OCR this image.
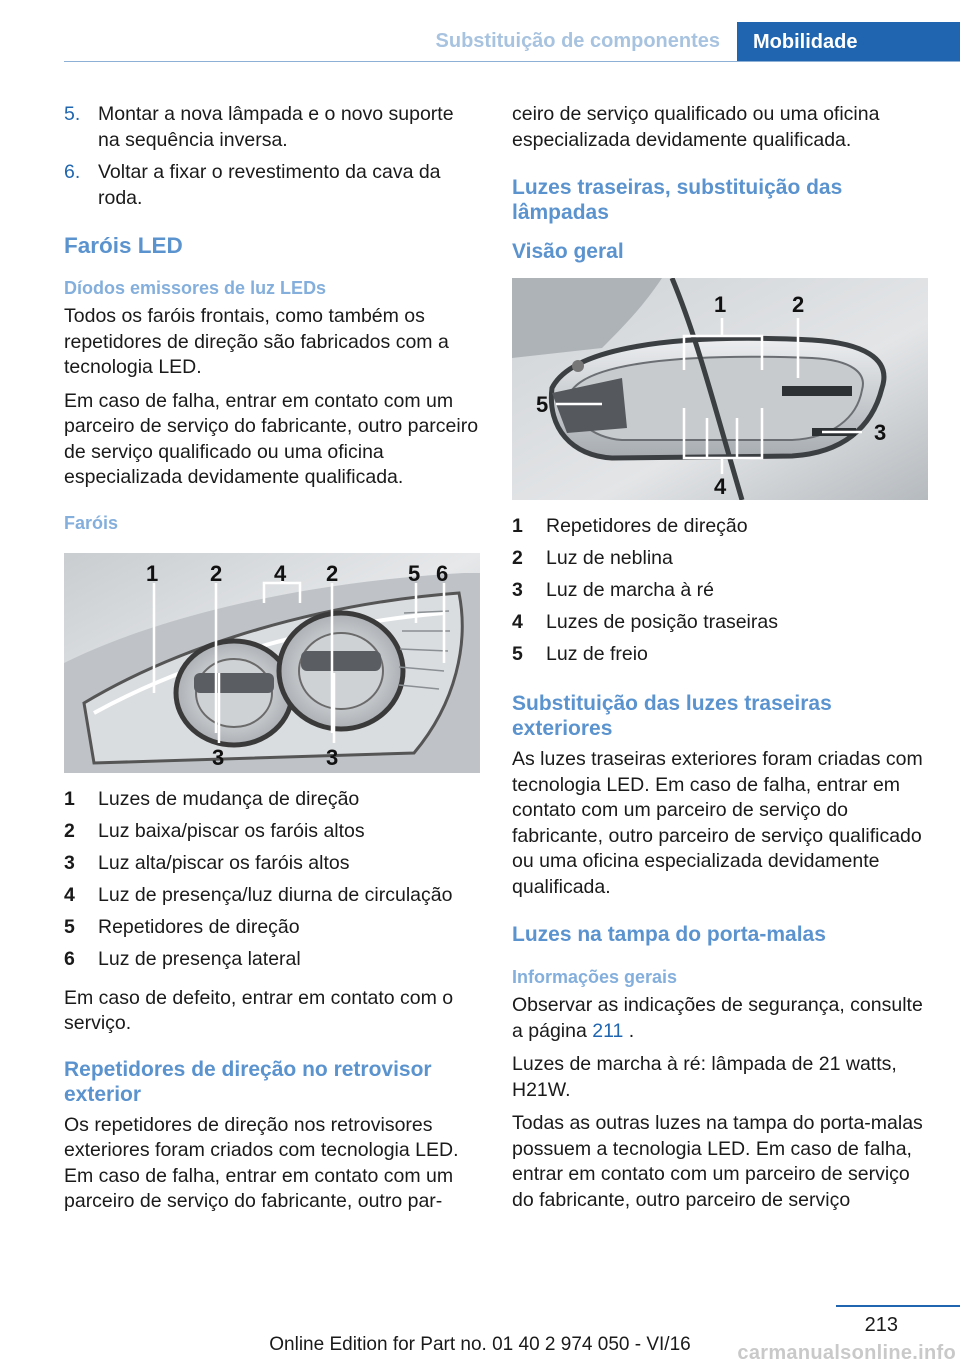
Substituição de componentes	Mobilidade
5. Montar a nova lâmpada e o novo suporte na sequência inversa.
6. Voltar a fixar o revestimento da cava da roda.
Faróis LED
Díodos emissores de luz LEDs

Todos os faróis frontais, como também os repetidores de direção são fabricados com a tecnologia LED.

Em caso de falha, entrar em contato com um parceiro de serviço do fabricante, outro parceiro de serviço qualificado ou uma oficina especializada devidamente qualificada.

Faróis
1 2 4 2	5 6
3	3
1	Luzes de mudança de direção
2	Luz baixa/piscar os faróis altos
3	Luz alta/piscar os faróis altos
4	Luz de presença/luz diurna de circulação
5	Repetidores de direção
6	Luz de presença lateral

Em caso de defeito, entrar em contato com o serviço.

Repetidores de direção no retrovisor exterior

Os repetidores de direção nos retrovisores exteriores foram criados com tecnologia LED. Em caso de falha, entrar em contato com um parceiro de serviço do fabricante, outro par-

ceiro de serviço qualificado ou uma oficina especializada devidamente qualificada.

Luzes traseiras, substituição das lâmpadas
Visão geral
1	2
5
3
4
1	Repetidores de direção
2	Luz de neblina
3	Luz de marcha à ré
4	Luzes de posição traseiras
5	Luz de freio
Substituição das luzes traseiras exteriores

As luzes traseiras exteriores foram criadas com tecnologia LED. Em caso de falha, entrar em contato com um parceiro de serviço do fabricante, outro parceiro de serviço qualificado ou uma oficina especializada devidamente qualificada.

Luzes na tampa do porta-malas
Informações gerais

Observar as indicações de segurança, consulte a página 211 .

Luzes de marcha à ré: lâmpada de 21 watts, H21W.

Todas as outras luzes na tampa do porta-malas possuem a tecnologia LED. Em caso de falha, entrar em contato com um parceiro de serviço do fabricante, outro parceiro de serviço

213
Online Edition for Part no. 01 40 2 974 050 - VI/16	carmanualsonline.info
